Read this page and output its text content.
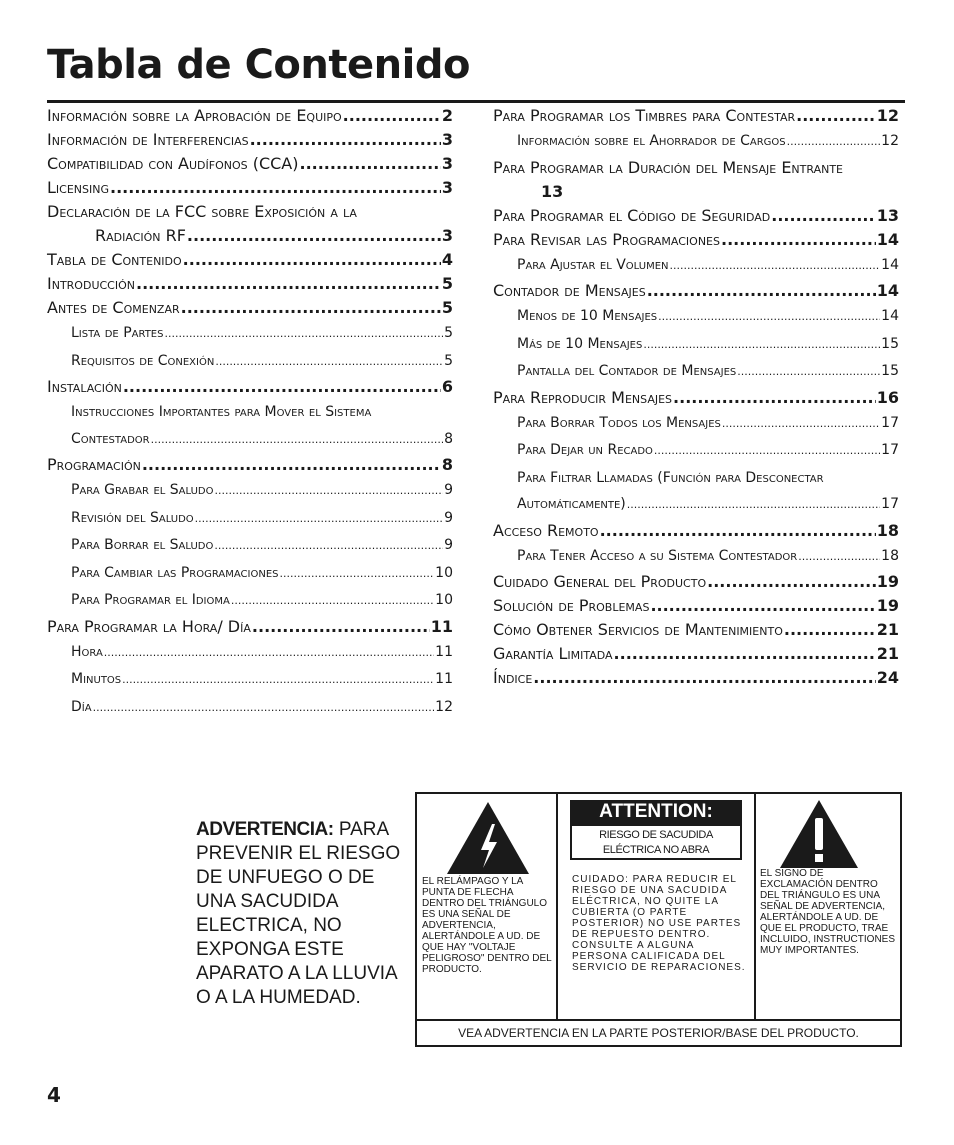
Tabla de Contenido
Información sobre la Aprobación de Equipo .....	2
Información de Interferencias .....	3
Compatibilidad con Audífonos (CCA) .....	3
Licensing .....	3
Declaración de la FCC sobre Exposición a la
Radiación RF .....	3
Tabla de Contenido .....	4
Introducción .....	5
Antes de Comenzar .....	5
Lista de Partes .....	5
Requisitos de Conexión .....	5
Instalación .....	6
Instrucciones Importantes para Mover el Sistema
Contestador .....	8
Programación .....	8
Para Grabar el Saludo .....	9
Revisión del Saludo .....	9
Para Borrar el Saludo .....	9
Para Cambiar las Programaciones .....	10
Para Programar el Idioma .....	10
Para Programar la Hora/ Día .....	11
Hora .....	11
Minutos .....	11
Día .....	12
Para Programar los Timbres para Contestar .....	12
Información sobre el Ahorrador de Cargos .....	12
Para Programar la Duración del Mensaje Entrante
13
Para Programar el Código de Seguridad .....	13
Para Revisar las Programaciones .....	14
Para Ajustar el Volumen .....	14
Contador de Mensajes .....	14
Menos de 10 Mensajes .....	14
Más de 10 Mensajes .....	15
Pantalla del Contador de Mensajes .....	15
Para Reproducir Mensajes .....	16
Para Borrar Todos los Mensajes .....	17
Para Dejar un Recado .....	17
Para Filtrar Llamadas (Función para Desconectar
Automáticamente) .....	17
Acceso Remoto .....	18
Para Tener Acceso a su Sistema Contestador .....	18
Cuidado General del Producto .....	19
Solución de Problemas .....	19
Cómo Obtener Servicios de Mantenimiento .....	21
Garantía Limitada .....	21
Índice .....	24
ADVERTENCIA: PARA PREVENIR EL RIESGO DE UNFUEGO O DE UNA SACUDIDA ELECTRICA, NO EXPONGA ESTE APARATO A LA LLUVIA O A LA HUMEDAD.
EL RELÁMPAGO Y LA PUNTA DE FLECHA DENTRO DEL TRIÁNGULO ES UNA SEÑAL DE ADVERTENCIA, ALERTÁNDOLE A UD. DE QUE HAY "VOLTAJE PELIGROSO" DENTRO DEL PRODUCTO.
ATTENTION:
RIESGO DE SACUDIDA ELÉCTRICA NO ABRA
CUIDADO: PARA REDUCIR EL RIESGO DE UNA SACUDIDA ELÉCTRICA, NO QUITE LA CUBIERTA (O PARTE POSTERIOR) NO USE PARTES DE REPUESTO DENTRO. CONSULTE A ALGUNA PERSONA CALIFICADA DEL SERVICIO DE REPARACIONES.
EL SIGNO DE EXCLAMACIÓN DENTRO DEL TRIÁNGULO ES UNA SEÑAL DE ADVERTENCIA, ALERTÁNDOLE A UD. DE QUE EL PRODUCTO, TRAE INCLUIDO, INSTRUCTIONES MUY IMPORTANTES.
VEA ADVERTENCIA EN LA PARTE POSTERIOR/BASE DEL PRODUCTO.
4
